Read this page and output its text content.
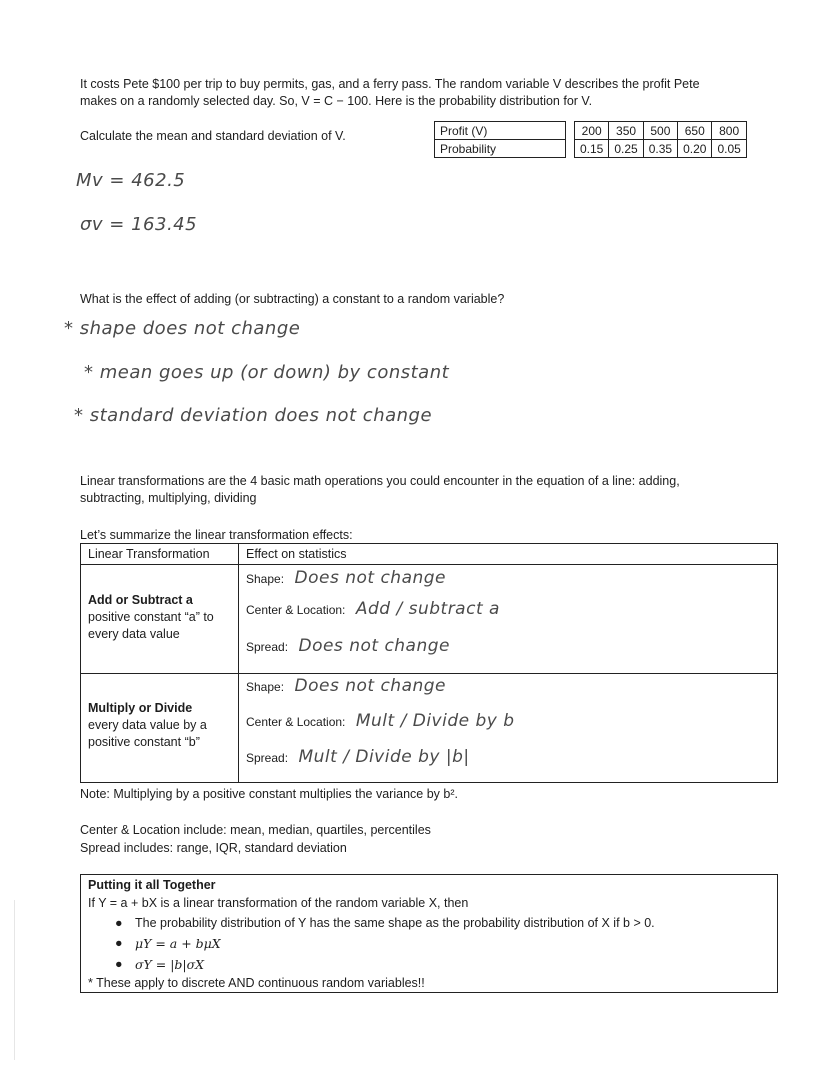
It costs Pete $100 per trip to buy permits, gas, and a ferry pass. The random variable V describes the profit Pete
makes on a randomly selected day. So, V = C − 100. Here is the probability distribution for V.
Calculate the mean and standard deviation of V.	Profit (V)		200	350	500	650	800
Probability		0.15	0.25	0.35	0.20	0.05
Mv = 462.5
σv = 163.45
What is the effect of adding (or subtracting) a constant to a random variable?
* shape does not change
* mean goes up (or down) by constant
* standard deviation does not change
Linear transformations are the 4 basic math operations you could encounter in the equation of a line: adding,
subtracting, multiplying, dividing
Let’s summarize the linear transformation effects:
Linear Transformation	Effect on statistics
Add or Subtract a
positive constant “a” to
every data value
Shape: Does not change
Center & Location: Add / subtract a
Spread: Does not change
Multiply or Divide
every data value by a
positive constant “b”
Shape: Does not change
Center & Location: Mult / Divide by b
Spread: Mult / Divide by |b|
Note: Multiplying by a positive constant multiplies the variance by b².
Center & Location include: mean, median, quartiles, percentiles
Spread includes: range, IQR, standard deviation
Putting it all Together
If Y = a + bX is a linear transformation of the random variable X, then
● The probability distribution of Y has the same shape as the probability distribution of X if b > 0.
● μY = a + bμX
● σY = |b|σX
* These apply to discrete AND continuous random variables!!
